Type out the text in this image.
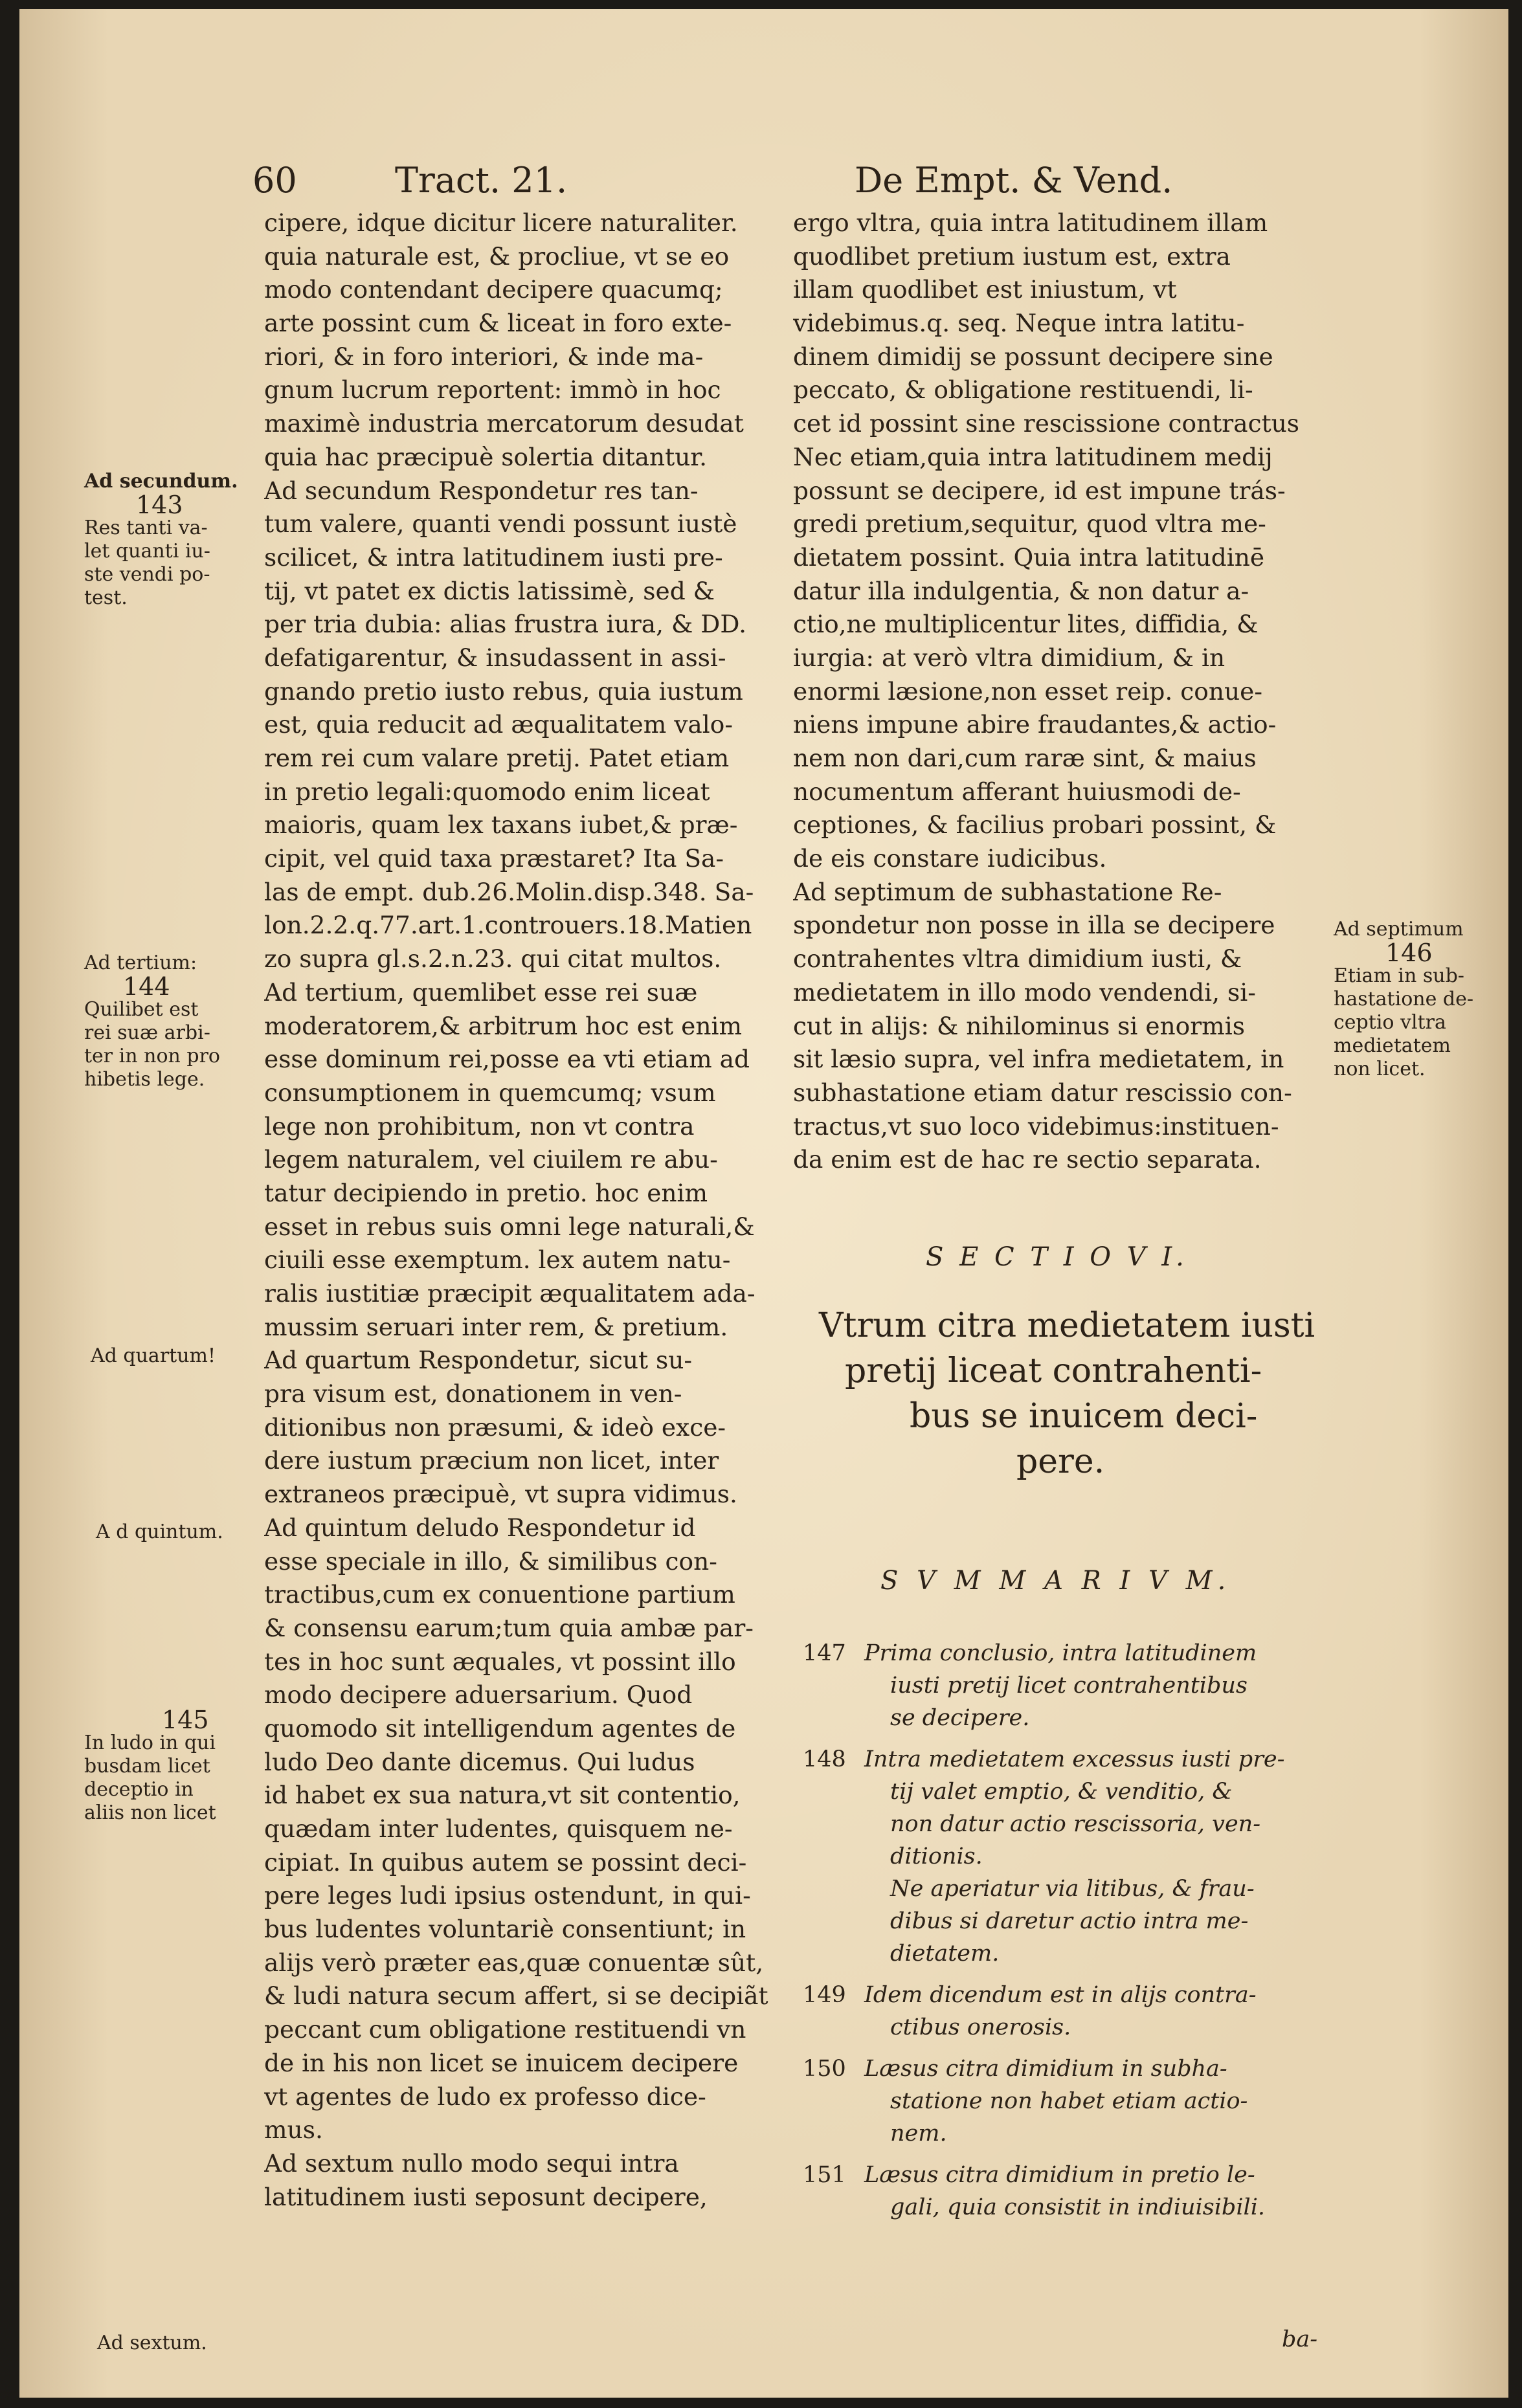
60	Tract. 21.	De Empt. & Vend.
cipere, idque dicitur licere naturaliter.
quia naturale est, & procliue, vt se eo
modo contendant decipere quacumq;
arte possint cum & liceat in foro exte-
riori, & in foro interiori, & inde ma-
gnum lucrum reportent: immò in hoc
maximè industria mercatorum desudat
quia hac præcipuè solertia ditantur.
Ad secundum Respondetur res tan-
tum valere, quanti vendi possunt iustè
scilicet, & intra latitudinem iusti pre-
tij, vt patet ex dictis latissimè, sed &
per tria dubia: alias frustra iura, & DD.
defatigarentur, & insudassent in assi-
gnando pretio iusto rebus, quia iustum
est, quia reducit ad æqualitatem valo-
rem rei cum valare pretij. Patet etiam
in pretio legali:quomodo enim liceat
maioris, quam lex taxans iubet,& præ-
cipit, vel quid taxa præstaret? Ita Sa-
las de empt. dub.26.Molin.disp.348. Sa-
lon.2.2.q.77.art.1.controuers.18.Matien
zo supra gl.s.2.n.23. qui citat multos.
Ad tertium, quemlibet esse rei suæ
moderatorem,& arbitrum hoc est enim
esse dominum rei,posse ea vti etiam ad
consumptionem in quemcumq; vsum
lege non prohibitum, non vt contra
legem naturalem, vel ciuilem re abu-
tatur decipiendo in pretio. hoc enim
esset in rebus suis omni lege naturali,&
ciuili esse exemptum. lex autem natu-
ralis iustitiæ præcipit æqualitatem ada-
mussim seruari inter rem, & pretium.
Ad quartum Respondetur, sicut su-
pra visum est, donationem in ven-
ditionibus non præsumi, & ideò exce-
dere iustum præcium non licet, inter
extraneos præcipuè, vt supra vidimus.
Ad quintum deludo Respondetur id
esse speciale in illo, & similibus con-
tractibus,cum ex conuentione partium
& consensu earum;tum quia ambæ par-
tes in hoc sunt æquales, vt possint illo
modo decipere aduersarium. Quod
quomodo sit intelligendum agentes de
ludo Deo dante dicemus. Qui ludus
id habet ex sua natura,vt sit contentio,
quædam inter ludentes, quisquem ne-
cipiat. In quibus autem se possint deci-
pere leges ludi ipsius ostendunt, in qui-
bus ludentes voluntariè consentiunt; in
alijs verò præter eas,quæ conuentæ sût,
& ludi natura secum affert, si se decipiãt
peccant cum obligatione restituendi vn
de in his non licet se inuicem decipere
vt agentes de ludo ex professo dice-
mus.
Ad sextum nullo modo sequi intra
latitudinem iusti seposunt decipere,
ergo vltra, quia intra latitudinem illam
quodlibet pretium iustum est, extra
illam quodlibet est iniustum, vt
videbimus.q. seq. Neque intra latitu-
dinem dimidij se possunt decipere sine
peccato, & obligatione restituendi, li-
cet id possint sine rescissione contractus
Nec etiam,quia intra latitudinem medij
possunt se decipere, id est impune trás-
gredi pretium,sequitur, quod vltra me-
dietatem possint. Quia intra latitudinē
datur illa indulgentia, & non datur a-
ctio,ne multiplicentur lites, diffidia, &
iurgia: at verò vltra dimidium, & in
enormi læsione,non esset reip. conue-
niens impune abire fraudantes,& actio-
nem non dari,cum raræ sint, & maius
nocumentum afferant huiusmodi de-
ceptiones, & facilius probari possint, &
de eis constare iudicibus.
Ad septimum de subhastatione Re-
spondetur non posse in illa se decipere
contrahentes vltra dimidium iusti, &
medietatem in illo modo vendendi, si-
cut in alijs: & nihilominus si enormis
sit læsio supra, vel infra medietatem, in
subhastatione etiam datur rescissio con-
tractus,vt suo loco videbimus:instituen-
da enim est de hac re sectio separata.
S E C T I O V I.
Vtrum citra medietatem iusti
pretij liceat contrahenti-
bus se inuicem deci-
pere.
S V M M A R I V M.
147 Prima conclusio, intra latitudinem
iusti pretij licet contrahentibus
se decipere.
148 Intra medietatem excessus iusti pre-
tij valet emptio, & venditio, &
non datur actio rescissoria, ven-
ditionis.
Ne aperiatur via litibus, & frau-
dibus si daretur actio intra me-
dietatem.
149 Idem dicendum est in alijs contra-
ctibus onerosis.
150 Læsus citra dimidium in subha-
statione non habet etiam actio-
nem.
151 Læsus citra dimidium in pretio le-
gali, quia consistit in indiuisibili.
ba-
Ad secundum.
143
Res tanti va-
let quanti iu-
ste vendi po-
test.
Ad tertium:
144
Quilibet est
rei suæ arbi-
ter in non pro
hibetis lege.
Ad quartum!
A d quintum.
145
In ludo in qui
busdam licet
deceptio in
aliis non licet
Ad sextum.
Ad septimum
146
Etiam in sub-
hastatione de-
ceptio vltra
medietatem
non licet.
